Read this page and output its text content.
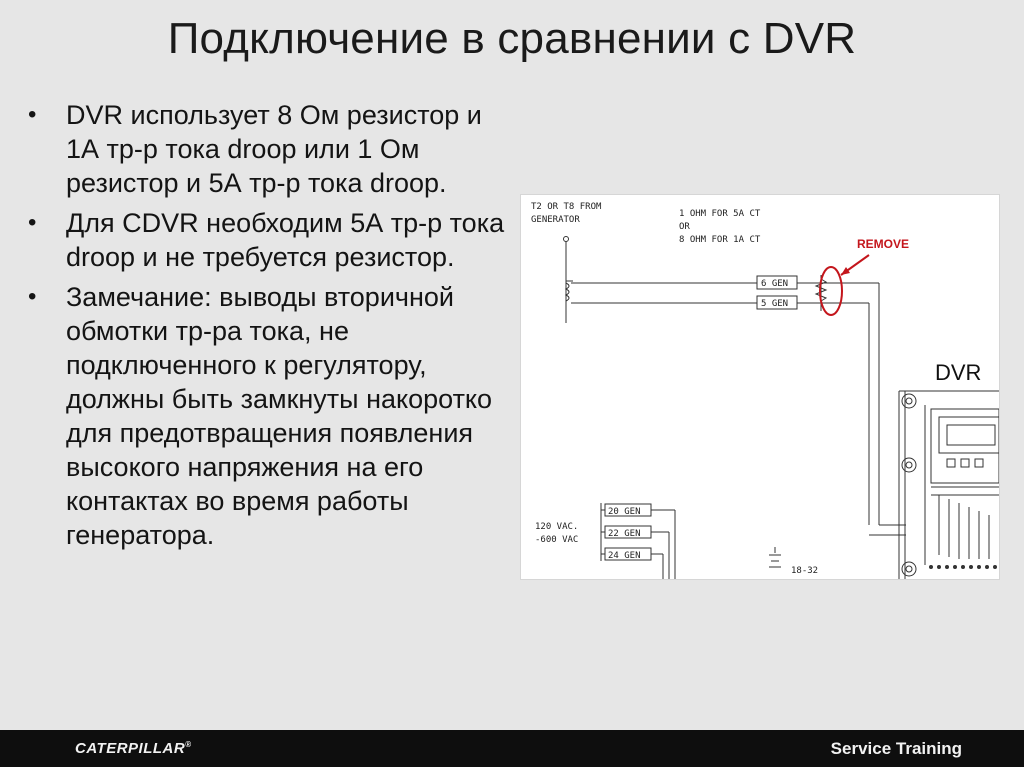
Подключение в сравнении с DVR
• DVR использует 8 Ом резистор и 1А тр-р тока droop или 1 Ом резистор и 5А тр-р тока droop.
• Для CDVR необходим 5А тр-р тока droop и не требуется резистор.
• Замечание: выводы вторичной обмотки тр-ра тока, не подключенного к регулятору, должны быть замкнуты накоротко для предотвращения появления высокого напряжения на его контактах во время работы генератора.
T2 OR T8 FROM
GENERATOR
1 OHM FOR 5A CT
OR
8 OHM FOR 1A CT
6 GEN
5 GEN
REMOVE
DVR
120 VAC.
-600 VAC
20 GEN
22 GEN
24 GEN
18-32
CATERPILLAR®	Service Training
